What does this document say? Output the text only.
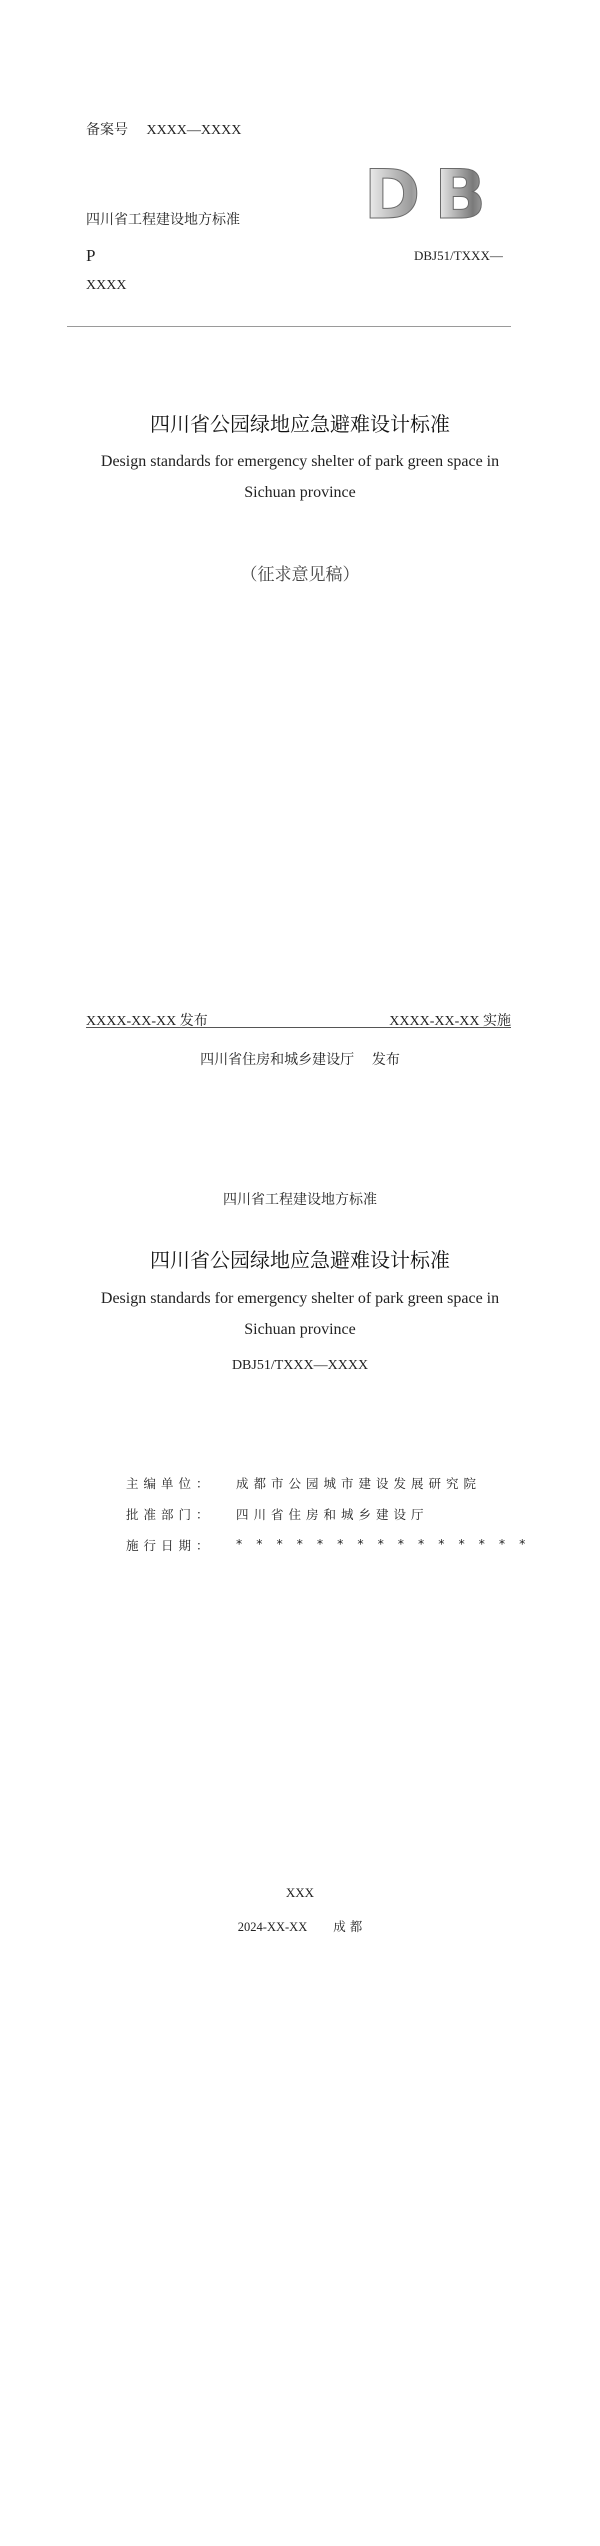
备案号 XXXX—XXXX
四川省工程建设地方标准
P	DBJ51/TXXX—
XXXX
DB
四川省公园绿地应急避难设计标准
Design standards for emergency shelter of park green space in
Sichuan province
（征求意见稿）
XXXX-XX-XX 发布	XXXX-XX-XX 实施
四川省住房和城乡建设厅    发布
四川省工程建设地方标准
四川省公园绿地应急避难设计标准
Design standards for emergency shelter of park green space in
Sichuan province
DBJ51/TXXX—XXXX
主编单位：	成都市公园城市建设发展研究院
批准部门：	四川省住房和城乡建设厅
施行日期：	* * * * * * * * * * * * * * *
XXX
2024-XX-XX 成 都
